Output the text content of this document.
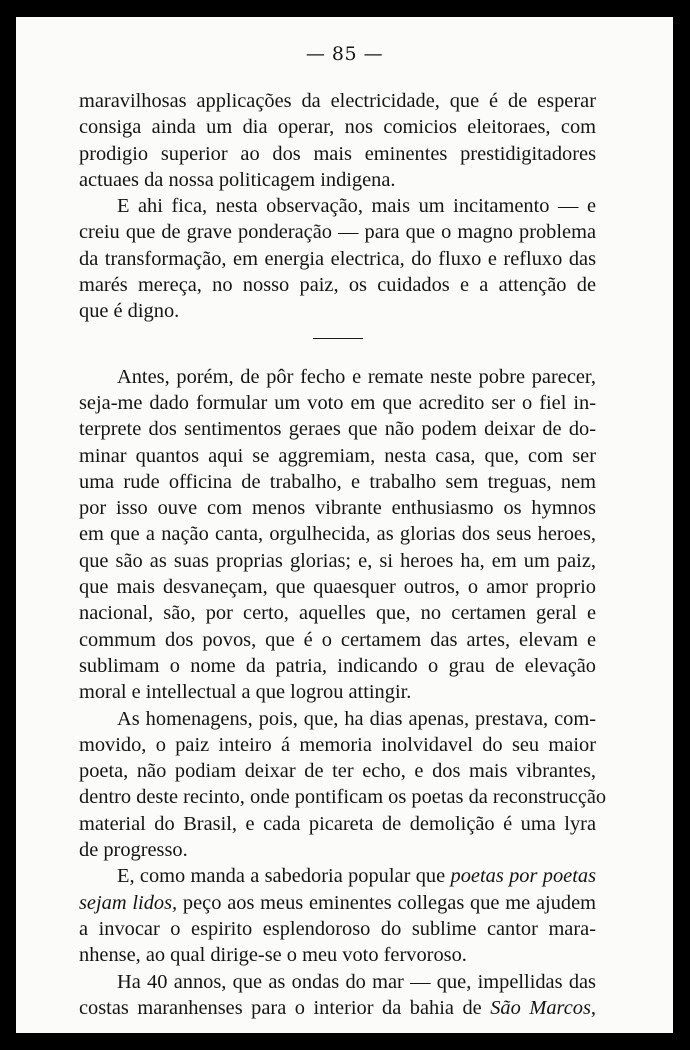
— 85 —
maravilhosas applicações da electricidade, que é de esperar
consiga ainda um dia operar, nos comicios eleitoraes, com
prodigio superior ao dos mais eminentes prestidigitadores
actuaes da nossa politicagem indigena.
E ahi fica, nesta observação, mais um incitamento — e
creiu que de grave ponderação — para que o magno problema
da transformação, em energia electrica, do fluxo e refluxo das
marés mereça, no nosso paiz, os cuidados e a attenção de
que é digno.
Antes, porém, de pôr fecho e remate neste pobre parecer,
seja-me dado formular um voto em que acredito ser o fiel in-
terprete dos sentimentos geraes que não podem deixar de do-
minar quantos aqui se aggremiam, nesta casa, que, com ser
uma rude officina de trabalho, e trabalho sem treguas, nem
por isso ouve com menos vibrante enthusiasmo os hymnos
em que a nação canta, orgulhecida, as glorias dos seus heroes,
que são as suas proprias glorias; e, si heroes ha, em um paiz,
que mais desvaneçam, que quaesquer outros, o amor proprio
nacional, são, por certo, aquelles que, no certamen geral e
commum dos povos, que é o certamem das artes, elevam e
sublimam o nome da patria, indicando o grau de elevação
moral e intellectual a que logrou attingir.
As homenagens, pois, que, ha dias apenas, prestava, com-
movido, o paiz inteiro á memoria inolvidavel do seu maior
poeta, não podiam deixar de ter echo, e dos mais vibrantes,
dentro deste recinto, onde pontificam os poetas da reconstrucção
material do Brasil, e cada picareta de demolição é uma lyra
de progresso.
E, como manda a sabedoria popular que poetas por poetas
sejam lidos, peço aos meus eminentes collegas que me ajudem
a invocar o espirito esplendoroso do sublime cantor mara-
nhense, ao qual dirige-se o meu voto fervoroso.
Ha 40 annos, que as ondas do mar — que, impellidas das
costas maranhenses para o interior da bahia de São Marcos,
